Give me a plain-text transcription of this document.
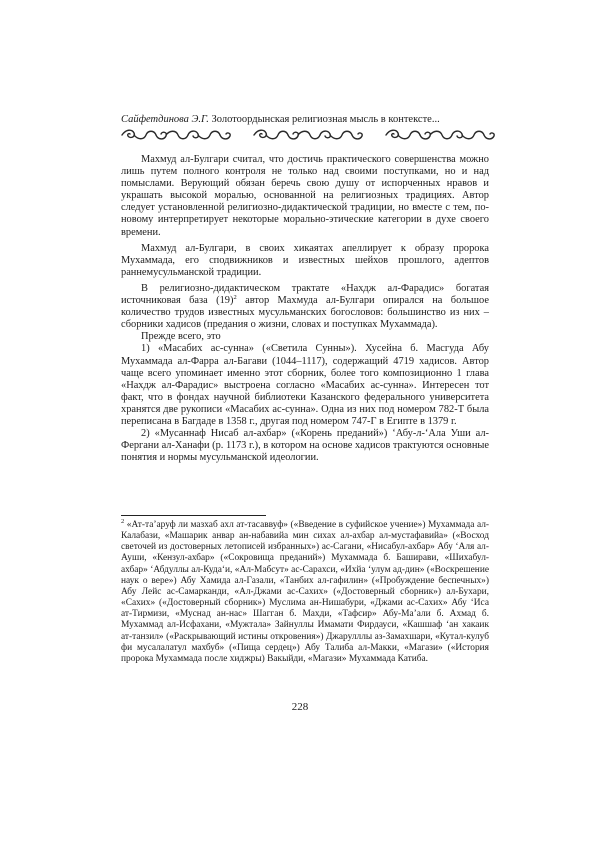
Сайфетдинова Э.Г. Золотоордынская религиозная мысль в контексте...

Махмуд ал-Булгари считал, что достичь практического совершенства можно лишь путем полного контроля не только над своими поступками, но и над помыслами. Верующий обязан беречь свою душу от испорченных нравов и украшать высокой моралью, основанной на религиозных традициях. Автор следует установленной религиозно-дидактической традиции, но вместе с тем, по-новому интерпретирует некоторые морально-этические категории в духе своего времени.

Махмуд ал-Булгари, в своих хикаятах апеллирует к образу пророка Мухаммада, его сподвижников и известных шейхов прошлого, адептов раннемусульманской традиции.

В религиозно-дидактическом трактате «Нахдж ал-Фарадис» богатая источниковая база $(19)^2$ автор Махмуда ал-Булгари опирался на большое количество трудов известных мусульманских богословов: большинство из них – сборники хадисов (предания о жизни, словах и поступках Мухаммада).

Прежде всего, это

1) «Масабих ас-сунна» («Светила Сунны»). Хусейна б. Масгуда Абу Мухаммада ал-Фарра ал-Багави (1044–1117), содержащий 4719 хадисов. Автор чаще всего упоминает именно этот сборник, более того композиционно 1 глава «Нахдж ал-Фарадис» выстроена согласно «Масабих ас-сунна». Интересен тот факт, что в фондах научной библиотеки Казанского федерального университета хранятся две рукописи «Масабих ас-сунна». Одна из них под номером 782-Т была переписана в Багдаде в 1358 г., другая под номером 747-Г в Египте в 1379 г.

2) «Мусаннаф Нисаб ал-ахбар» («Корень преданий») ‘Абу-л-‘Ала Уши ал-Фергани ал-Ханафи (р. 1173 г.), в котором на основе хадисов трактуются основные понятия и нормы мусульманской идеологии.

$^2$ «Ат-та’аруф ли мазхаб ахл ат-тасаввуф» («Введение в суфийское учение») Мухаммада ал-Калабази, «Машарик анвар ан-набавийа мин сихах ал-ахбар ал-мустафавийа» («Восход светочей из достоверных летописей избранных») ас-Сагани, «Нисабул-ахбар» Абу ‘Аля ал-Ауши, «Кензул-ахбар» («Сокровища преданий») Мухаммада б. Баширави, «Шихабул-ахбар» ‘Абдуллы ал-Куда‘и, «Ал-Мабсут» ас-Сарахси, «Ихйа ‘улум ад-дин» («Воскрешение наук о вере») Абу Хамида ал-Газали, «Танбих ал-гафилин» («Пробуждение беспечных») Абу Лейс ас-Самарканди, «Ал-Джами ас-Сахих» («Достоверный сборник») ал-Бухари, «Сахих» («Достоверный сборник») Муслима ан-Нишабури, «Джами ас-Сахих» Абу ‘Иса ат-Тирмизи, «Муснад ан-нас» Шагган б. Махди, «Тафсир» Абу-Ма’али б. Ахмад б. Мухаммад ал-Исфахани, «Мужтала» Зайнуллы Имамати Фирдауси, «Кашшаф ‘ан хакаик ат-танзил» («Раскрывающий истины откровения») Джарулллы аз-Замахшари, «Кутал-кулуб фи мусалалатул махбуб» («Пища сердец») Абу Талиба ал-Макки, «Магази» («История пророка Мухаммада после хиджры) Вакыйди, «Магази» Мухаммада Катиба.

228
